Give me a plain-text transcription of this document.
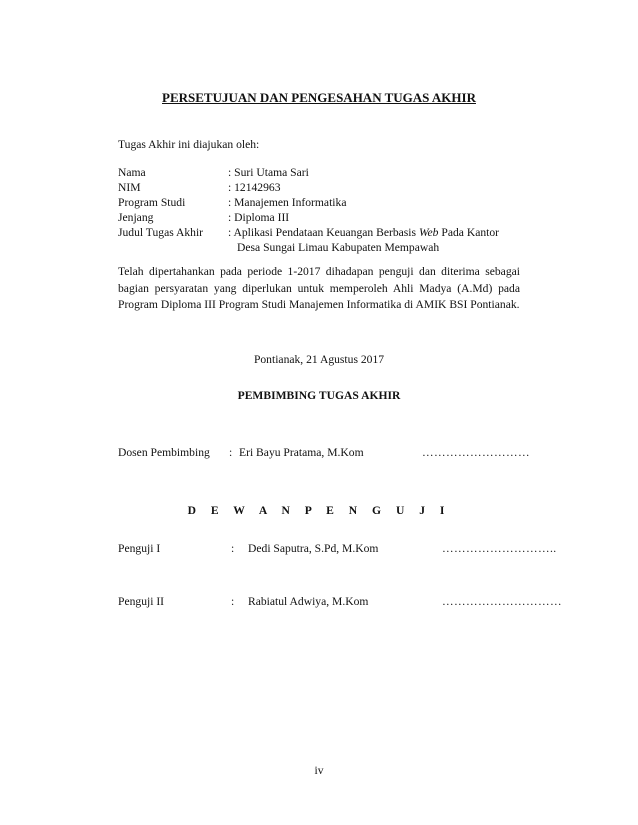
PERSETUJUAN DAN PENGESAHAN TUGAS AKHIR
Tugas Akhir ini diajukan oleh:
Nama	: Suri Utama Sari
NIM	: 12142963
Program Studi	: Manajemen Informatika
Jenjang	: Diploma III
Judul Tugas Akhir : Aplikasi Pendataan Keuangan Berbasis Web Pada Kantor
Desa Sungai Limau Kabupaten Mempawah
Telah dipertahankan pada periode 1-2017 dihadapan penguji dan diterima sebagai bagian persyaratan yang diperlukan untuk memperoleh Ahli Madya (A.Md) pada Program Diploma III Program Studi Manajemen Informatika di AMIK BSI Pontianak.
Pontianak, 21 Agustus 2017
PEMBIMBING TUGAS AKHIR
Dosen Pembimbing : Eri Bayu Pratama, M.Kom	………………………
D E W A N P E N G U J I
Penguji I	: Dedi Saputra, S.Pd, M.Kom	………………………..
Penguji II	: Rabiatul Adwiya, M.Kom	…………………………
iv
